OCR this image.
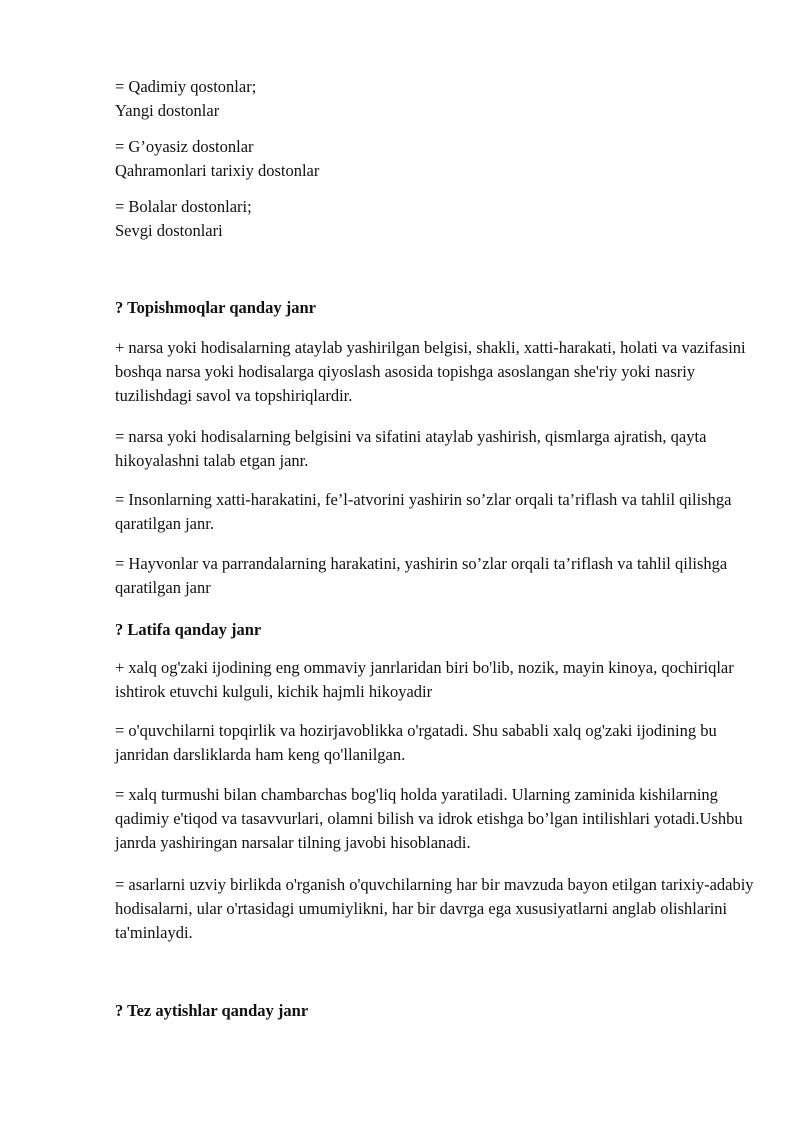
= Qadimiy qostonlar;
Yangi dostonlar

= G’oyasiz dostonlar
Qahramonlari tarixiy dostonlar

= Bolalar dostonlari;
Sevgi dostonlari

? Topishmoqlar qanday janr

+ narsa yoki hodisalarning ataylab yashirilgan belgisi, shakli, xatti-harakati, holati va vazifasini boshqa narsa yoki hodisalarga qiyoslash asosida topishga asoslangan she'riy yoki nasriy tuzilishdagi savol va topshiriqlardir.

= narsa yoki hodisalarning belgisini va sifatini ataylab yashirish, qismlarga ajratish, qayta hikoyalashni talab etgan janr.

= Insonlarning xatti-harakatini, fe’l-atvorini yashirin so’zlar orqali ta’riflash va tahlil qilishga qaratilgan janr.

= Hayvonlar va parrandalarning harakatini, yashirin so’zlar orqali ta’riflash va tahlil qilishga qaratilgan janr

? Latifa qanday janr

+ xalq og'zaki ijodining eng ommaviy janrlaridan biri bo'lib, nozik, mayin kinoya, qochiriqlar ishtirok etuvchi kulguli, kichik hajmli hikoyadir

= o'quvchilarni topqirlik va hozirjavoblikka o'rgatadi. Shu sababli xalq og'zaki ijodining bu janridan darsliklarda ham keng qo'llanilgan.

= xalq turmushi bilan chambarchas bog'liq holda yaratiladi. Ularning zaminida kishilarning qadimiy e'tiqod va tasavvurlari, olamni bilish va idrok etishga bo’lgan intilishlari yotadi.Ushbu janrda yashiringan narsalar tilning javobi hisoblanadi.

= asarlarni uzviy birlikda o'rganish o'quvchilarning har bir mavzuda bayon etilgan tarixiy-adabiy hodisalarni, ular o'rtasidagi umumiylikni, har bir davrga ega xususiyatlarni anglab olishlarini ta'minlaydi.

? Tez aytishlar qanday janr
